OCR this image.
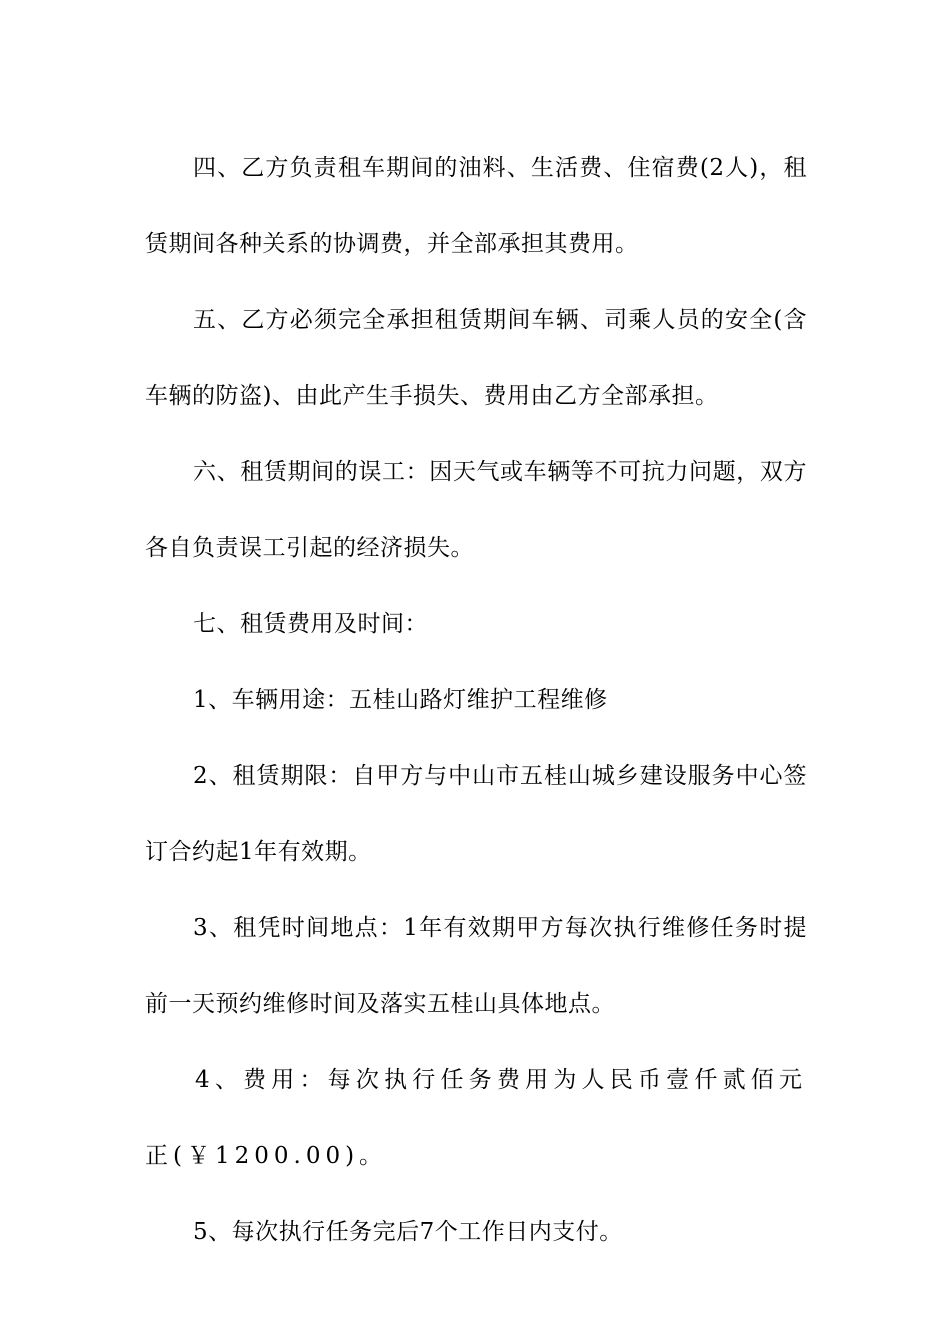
四、乙方负责租车期间的油料、生活费、住宿费(2人)，租赁期间各种关系的协调费，并全部承担其费用。

五、乙方必须完全承担租赁期间车辆、司乘人员的安全(含车辆的防盗)、由此产生手损失、费用由乙方全部承担。

六、租赁期间的误工：因天气或车辆等不可抗力问题，双方各自负责误工引起的经济损失。

七、租赁费用及时间：

1、车辆用途：五桂山路灯维护工程维修

2、租赁期限：自甲方与中山市五桂山城乡建设服务中心签订合约起1年有效期。

3、租凭时间地点：1年有效期甲方每次执行维修任务时提前一天预约维修时间及落实五桂山具体地点。

4、费用：每次执行任务费用为人民币壹仟贰佰元正(￥1200.00)。

5、每次执行任务完后7个工作日内支付。
